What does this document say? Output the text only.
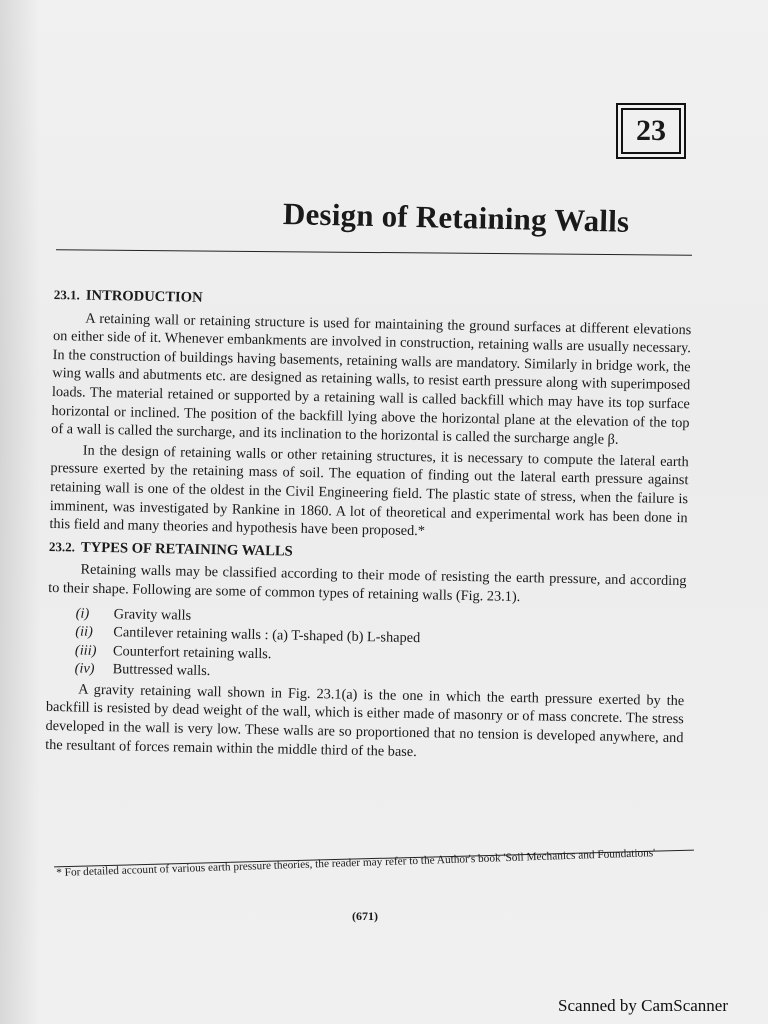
23
Design of Retaining Walls
23.1. INTRODUCTION

A retaining wall or retaining structure is used for maintaining the ground surfaces at different elevations on either side of it. Whenever embankments are involved in construction, retaining walls are usually necessary. In the construction of buildings having basements, retaining walls are mandatory. Similarly in bridge work, the wing walls and abutments etc. are designed as retaining walls, to resist earth pressure along with superimposed loads. The material retained or supported by a retaining wall is called backfill which may have its top surface horizontal or inclined. The position of the backfill lying above the horizontal plane at the elevation of the top of a wall is called the surcharge, and its inclination to the horizontal is called the surcharge angle β.

In the design of retaining walls or other retaining structures, it is necessary to compute the lateral earth pressure exerted by the retaining mass of soil. The equation of finding out the lateral earth pressure against retaining wall is one of the oldest in the Civil Engineering field. The plastic state of stress, when the failure is imminent, was investigated by Rankine in 1860. A lot of theoretical and experimental work has been done in this field and many theories and hypothesis have been proposed.*

23.2. TYPES OF RETAINING WALLS

Retaining walls may be classified according to their mode of resisting the earth pressure, and according to their shape. Following are some of common types of retaining walls (Fig. 23.1).

(i)	Gravity walls
(ii)	Cantilever retaining walls : (a) T-shaped (b) L-shaped
(iii)	Counterfort retaining walls.
(iv)	Buttressed walls.

A gravity retaining wall shown in Fig. 23.1(a) is the one in which the earth pressure exerted by the backfill is resisted by dead weight of the wall, which is either made of masonry or of mass concrete. The stress developed in the wall is very low. These walls are so proportioned that no tension is developed anywhere, and the resultant of forces remain within the middle third of the base.

* For detailed account of various earth pressure theories, the reader may refer to the Author's book 'Soil Mechanics and Foundations'
(671)
Scanned by CamScanner
